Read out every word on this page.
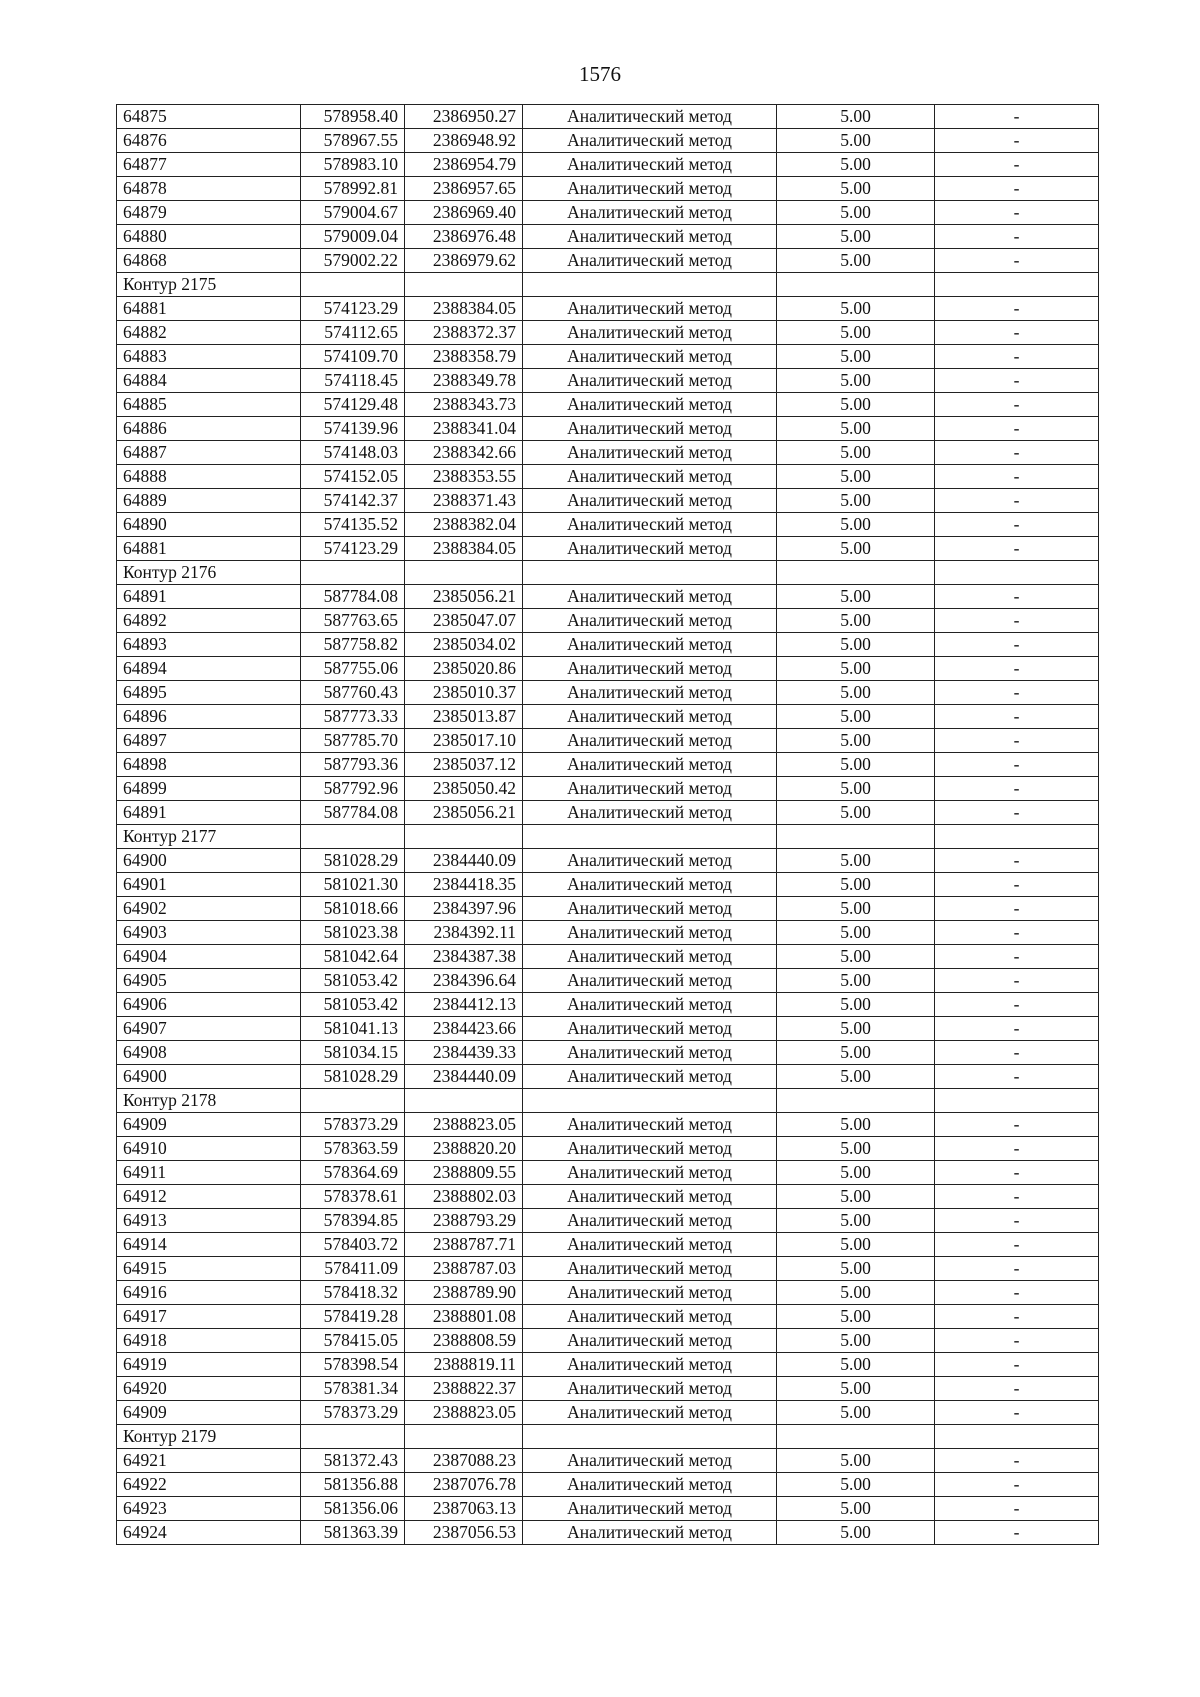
1576
64875	578958.40	2386950.27	Аналитический метод	5.00	-
64876	578967.55	2386948.92	Аналитический метод	5.00	-
64877	578983.10	2386954.79	Аналитический метод	5.00	-
64878	578992.81	2386957.65	Аналитический метод	5.00	-
64879	579004.67	2386969.40	Аналитический метод	5.00	-
64880	579009.04	2386976.48	Аналитический метод	5.00	-
64868	579002.22	2386979.62	Аналитический метод	5.00	-
Контур 2175					
64881	574123.29	2388384.05	Аналитический метод	5.00	-
64882	574112.65	2388372.37	Аналитический метод	5.00	-
64883	574109.70	2388358.79	Аналитический метод	5.00	-
64884	574118.45	2388349.78	Аналитический метод	5.00	-
64885	574129.48	2388343.73	Аналитический метод	5.00	-
64886	574139.96	2388341.04	Аналитический метод	5.00	-
64887	574148.03	2388342.66	Аналитический метод	5.00	-
64888	574152.05	2388353.55	Аналитический метод	5.00	-
64889	574142.37	2388371.43	Аналитический метод	5.00	-
64890	574135.52	2388382.04	Аналитический метод	5.00	-
64881	574123.29	2388384.05	Аналитический метод	5.00	-
Контур 2176					
64891	587784.08	2385056.21	Аналитический метод	5.00	-
64892	587763.65	2385047.07	Аналитический метод	5.00	-
64893	587758.82	2385034.02	Аналитический метод	5.00	-
64894	587755.06	2385020.86	Аналитический метод	5.00	-
64895	587760.43	2385010.37	Аналитический метод	5.00	-
64896	587773.33	2385013.87	Аналитический метод	5.00	-
64897	587785.70	2385017.10	Аналитический метод	5.00	-
64898	587793.36	2385037.12	Аналитический метод	5.00	-
64899	587792.96	2385050.42	Аналитический метод	5.00	-
64891	587784.08	2385056.21	Аналитический метод	5.00	-
Контур 2177					
64900	581028.29	2384440.09	Аналитический метод	5.00	-
64901	581021.30	2384418.35	Аналитический метод	5.00	-
64902	581018.66	2384397.96	Аналитический метод	5.00	-
64903	581023.38	2384392.11	Аналитический метод	5.00	-
64904	581042.64	2384387.38	Аналитический метод	5.00	-
64905	581053.42	2384396.64	Аналитический метод	5.00	-
64906	581053.42	2384412.13	Аналитический метод	5.00	-
64907	581041.13	2384423.66	Аналитический метод	5.00	-
64908	581034.15	2384439.33	Аналитический метод	5.00	-
64900	581028.29	2384440.09	Аналитический метод	5.00	-
Контур 2178					
64909	578373.29	2388823.05	Аналитический метод	5.00	-
64910	578363.59	2388820.20	Аналитический метод	5.00	-
64911	578364.69	2388809.55	Аналитический метод	5.00	-
64912	578378.61	2388802.03	Аналитический метод	5.00	-
64913	578394.85	2388793.29	Аналитический метод	5.00	-
64914	578403.72	2388787.71	Аналитический метод	5.00	-
64915	578411.09	2388787.03	Аналитический метод	5.00	-
64916	578418.32	2388789.90	Аналитический метод	5.00	-
64917	578419.28	2388801.08	Аналитический метод	5.00	-
64918	578415.05	2388808.59	Аналитический метод	5.00	-
64919	578398.54	2388819.11	Аналитический метод	5.00	-
64920	578381.34	2388822.37	Аналитический метод	5.00	-
64909	578373.29	2388823.05	Аналитический метод	5.00	-
Контур 2179					
64921	581372.43	2387088.23	Аналитический метод	5.00	-
64922	581356.88	2387076.78	Аналитический метод	5.00	-
64923	581356.06	2387063.13	Аналитический метод	5.00	-
64924	581363.39	2387056.53	Аналитический метод	5.00	-
